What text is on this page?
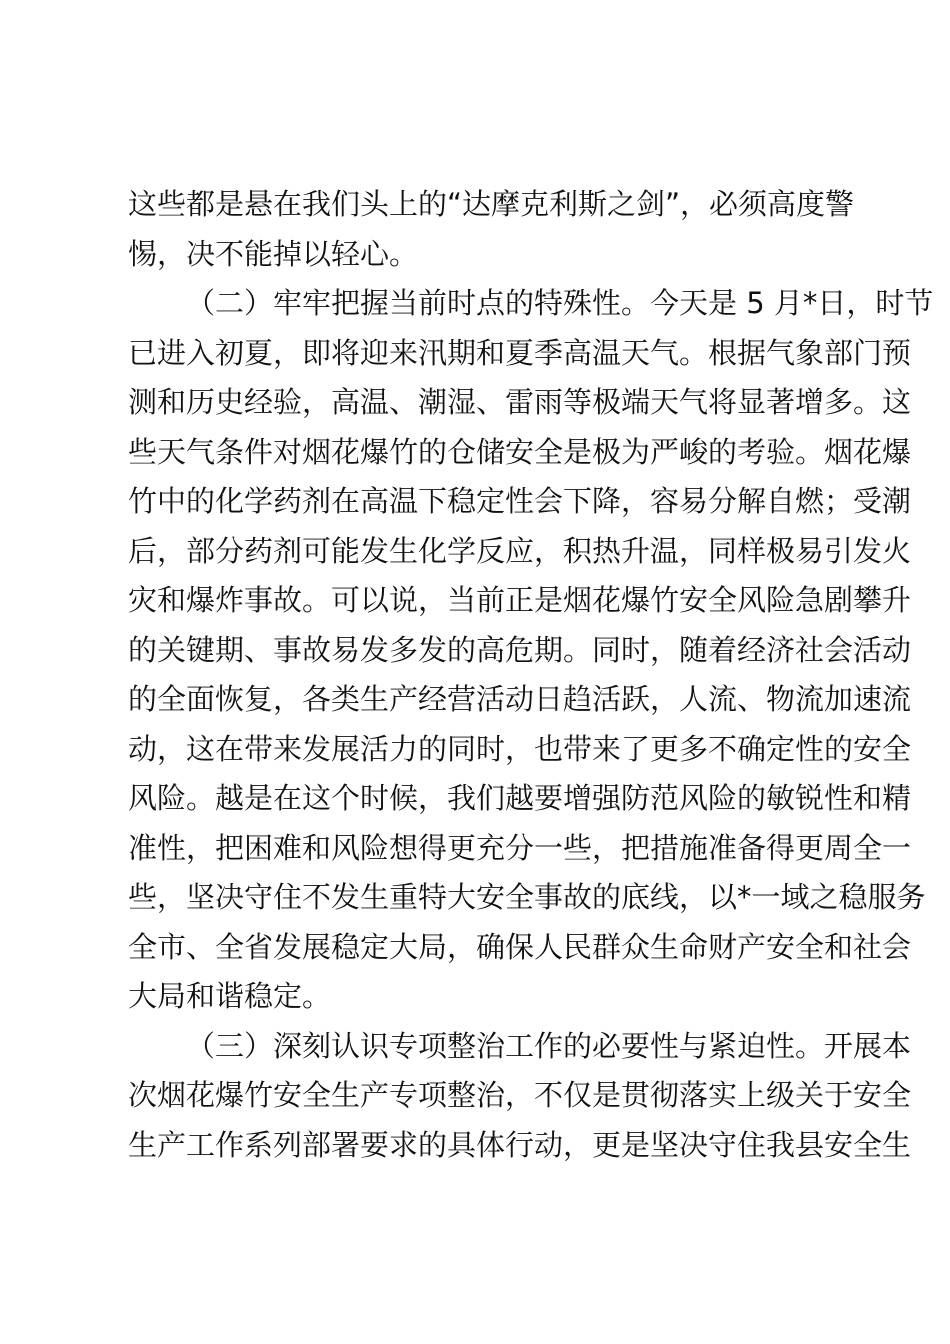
这些都是悬在我们头上的“达摩克利斯之剑”，必须高度警
惕，决不能掉以轻心。
（二）牢牢把握当前时点的特殊性。今天是 5 月*日，时节
已进入初夏，即将迎来汛期和夏季高温天气。根据气象部门预
测和历史经验，高温、潮湿、雷雨等极端天气将显著增多。这
些天气条件对烟花爆竹的仓储安全是极为严峻的考验。烟花爆
竹中的化学药剂在高温下稳定性会下降，容易分解自燃；受潮
后，部分药剂可能发生化学反应，积热升温，同样极易引发火
灾和爆炸事故。可以说，当前正是烟花爆竹安全风险急剧攀升
的关键期、事故易发多发的高危期。同时，随着经济社会活动
的全面恢复，各类生产经营活动日趋活跃，人流、物流加速流
动，这在带来发展活力的同时，也带来了更多不确定性的安全
风险。越是在这个时候，我们越要增强防范风险的敏锐性和精
准性，把困难和风险想得更充分一些，把措施准备得更周全一
些，坚决守住不发生重特大安全事故的底线，以*一域之稳服务
全市、全省发展稳定大局，确保人民群众生命财产安全和社会
大局和谐稳定。
（三）深刻认识专项整治工作的必要性与紧迫性。开展本
次烟花爆竹安全生产专项整治，不仅是贯彻落实上级关于安全
生产工作系列部署要求的具体行动，更是坚决守住我县安全生
